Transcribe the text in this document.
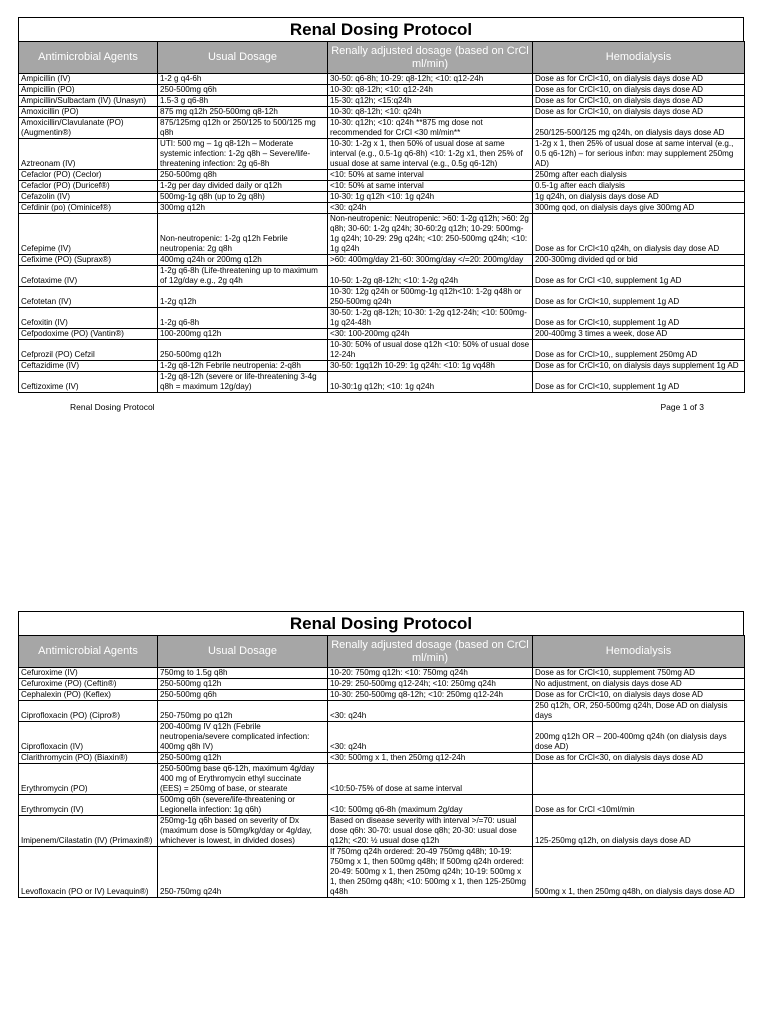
Renal Dosing Protocol
Antimicrobial Agents	Usual Dosage	Renally adjusted dosage (based on CrCl ml/min)	Hemodialysis
Ampicillin (IV)	1-2 g q4-6h	30-50: q6-8h; 10-29: q8-12h; <10: q12-24h	Dose as for CrCl<10, on dialysis days dose AD
Ampicillin (PO)	250-500mg q6h	10-30: q8-12h; <10: q12-24h	Dose as for CrCl<10, on dialysis days dose AD
Ampicillin/Sulbactam (IV) (Unasyn)	1.5-3 g q6-8h	15-30: q12h; <15:q24h	Dose as for CrCl<10, on dialysis days dose AD
Amoxicillin (PO)	875 mg q12h 250-500mg q8-12h	10-30: q8-12h; <10: q24h	Dose as for CrCl<10, on dialysis days dose AD
Amoxicillin/Clavulanate (PO) (Augmentin®)	875/125mg q12h or 250/125 to 500/125 mg q8h	10-30: q12h; <10: q24h **875 mg dose not recommended for CrCl <30 ml/min**	250/125-500/125 mg q24h, on dialysis days dose AD
Aztreonam (IV)	UTI: 500 mg – 1g q8-12h – Moderate systemic infection: 1-2g q8h – Severe/life-threatening infection: 2g q6-8h	10-30: 1-2g x 1, then 50% of usual dose at same interval (e.g., 0.5-1g q6-8h) <10: 1-2g x1, then 25% of usual dose at same interval (e.g., 0.5g q6-12h)	1-2g x 1, then 25% of usual dose at same interval (e.g., 0.5 q6-12h) – for serious infxn: may supplement 250mg AD)
Cefaclor (PO) (Ceclor)	250-500mg q8h	<10: 50% at same interval	250mg after each dialysis
Cefaclor (PO) (Duricef®)	1-2g per day divided daily or q12h	<10: 50% at same interval	0.5-1g after each dialysis
Cefazolin (IV)	500mg-1g q8h (up to 2g q8h)	10-30: 1g q12h <10: 1g q24h	1g q24h, on dialysis days dose AD
Cefdinir (po) (Ominicef®)	300mg q12h	<30: q24h	300mg qod, on dialysis days give 300mg AD
Cefepime (IV)	Non-neutropenic: 1-2g q12h Febrile neutropenia: 2g q8h	Non-neutropenic: Neutropenic: >60: 1-2g q12h; >60: 2g q8h; 30-60: 1-2g q24h; 30-60:2g q12h; 10-29: 500mg-1g q24h; 10-29: 29g q24h; <10: 250-500mg q24h; <10: 1g q24h	Dose as for CrCl<10 q24h, on dialysis day dose AD
Cefixime (PO) (Suprax®)	400mg q24h or 200mg q12h	>60: 400mg/day 21-60: 300mg/day </=20: 200mg/day	200-300mg divided qd or bid
Cefotaxime (IV)	1-2g q6-8h (Life-threatening up to maximum of 12g/day e.g., 2g q4h	10-50: 1-2g q8-12h; <10: 1-2g q24h	Dose as for CrCl <10, supplement 1g AD
Cefotetan (IV)	1-2g q12h	10-30: 12g q24h or 500mg-1g q12h<10: 1-2g q48h or 250-500mg q24h	Dose as for CrCl<10, supplement 1g AD
Cefoxitin (IV)	1-2g q6-8h	30-50: 1-2g q8-12h; 10-30: 1-2g q12-24h; <10: 500mg-1g q24-48h	Dose as for CrCl<10, supplement 1g AD
Cefpodoxime (PO) (Vantin®)	100-200mg q12h	<30: 100-200mg q24h	200-400mg 3 times a week, dose AD
Cefprozil (PO) Cefzil	250-500mg q12h	10-30: 50% of usual dose q12h <10: 50% of usual dose 12-24h	Dose as for CrCl>10,, supplement 250mg AD
Ceftazidime (IV)	1-2g q8-12h Febrile neutropenia: 2-q8h	30-50: 1gq12h 10-29: 1g q24h: <10: 1g vq48h	Dose as for CrCl<10, on dialysis days supplement 1g AD
Ceftizoxime (IV)	1-2g q8-12h (severe or life-threatening 3-4g q8h = maximum 12g/day)	10-30:1g q12h; <10: 1g q24h	Dose as for CrCl<10, supplement 1g AD
Renal Dosing Protocol	Page 1 of 3
Renal Dosing Protocol
Antimicrobial Agents	Usual Dosage	Renally adjusted dosage (based on CrCl ml/min)	Hemodialysis
Cefuroxime (IV)	750mg to 1.5g q8h	10-20: 750mg q12h: <10: 750mg q24h	Dose as for CrCl<10, supplement 750mg AD
Cefuroxime (PO) (Ceftin®)	250-500mg q12h	10-29: 250-500mg q12-24h; <10: 250mg q24h	No adjustment, on dialysis days dose AD
Cephalexin (PO) (Keflex)	250-500mg q6h	10-30: 250-500mg q8-12h; <10: 250mg q12-24h	Dose as for CrCl<10, on dialysis days dose AD
Ciprofloxacin (PO) (Cipro®)	250-750mg po q12h	<30: q24h	250 q12h, OR, 250-500mg q24h, Dose AD on dialysis days
Ciprofloxacin (IV)	200-400mg IV q12h (Febrile neutropenia/severe complicated infection: 400mg q8h IV)	<30: q24h	200mg q12h OR – 200-400mg q24h (on dialysis days dose AD)
Clarithromycin (PO) (Biaxin®)	250-500mg q12h	<30: 500mg x 1, then 250mg q12-24h	Dose as for CrCl<30, on dialysis days dose AD
Erythromycin (PO)	250-500mg base q6-12h, maximum 4g/day 400 mg of Erythromycin ethyl succinate (EES) = 250mg of base, or stearate	<10:50-75% of dose at same interval	
Erythromycin (IV)	500mg q6h (severe/life-threatening or Legionella infection: 1g q6h)	<10: 500mg q6-8h (maximum 2g/day	Dose as for CrCl <10ml/min
Imipenem/Cilastatin (IV) (Primaxin®)	250mg-1g q6h based on severity of Dx (maximum dose is 50mg/kg/day or 4g/day, whichever is lowest, in divided doses)	Based on disease severity with interval >/=70: usual dose q6h: 30-70: usual dose q8h; 20-30: usual dose q12h; <20: ½ usual dose q12h	125-250mg q12h, on dialysis days dose AD
Levofloxacin (PO or IV) Levaquin®)	250-750mg q24h	If 750mg q24h ordered: 20-49 750mg q48h; 10-19: 750mg x 1, then 500mg q48h; If 500mg q24h ordered: 20-49: 500mg x 1, then 250mg q24h; 10-19: 500mg x 1, then 250mg q48h; <10: 500mg x 1, then 125-250mg q48h	500mg x 1, then 250mg q48h, on dialysis days dose AD
